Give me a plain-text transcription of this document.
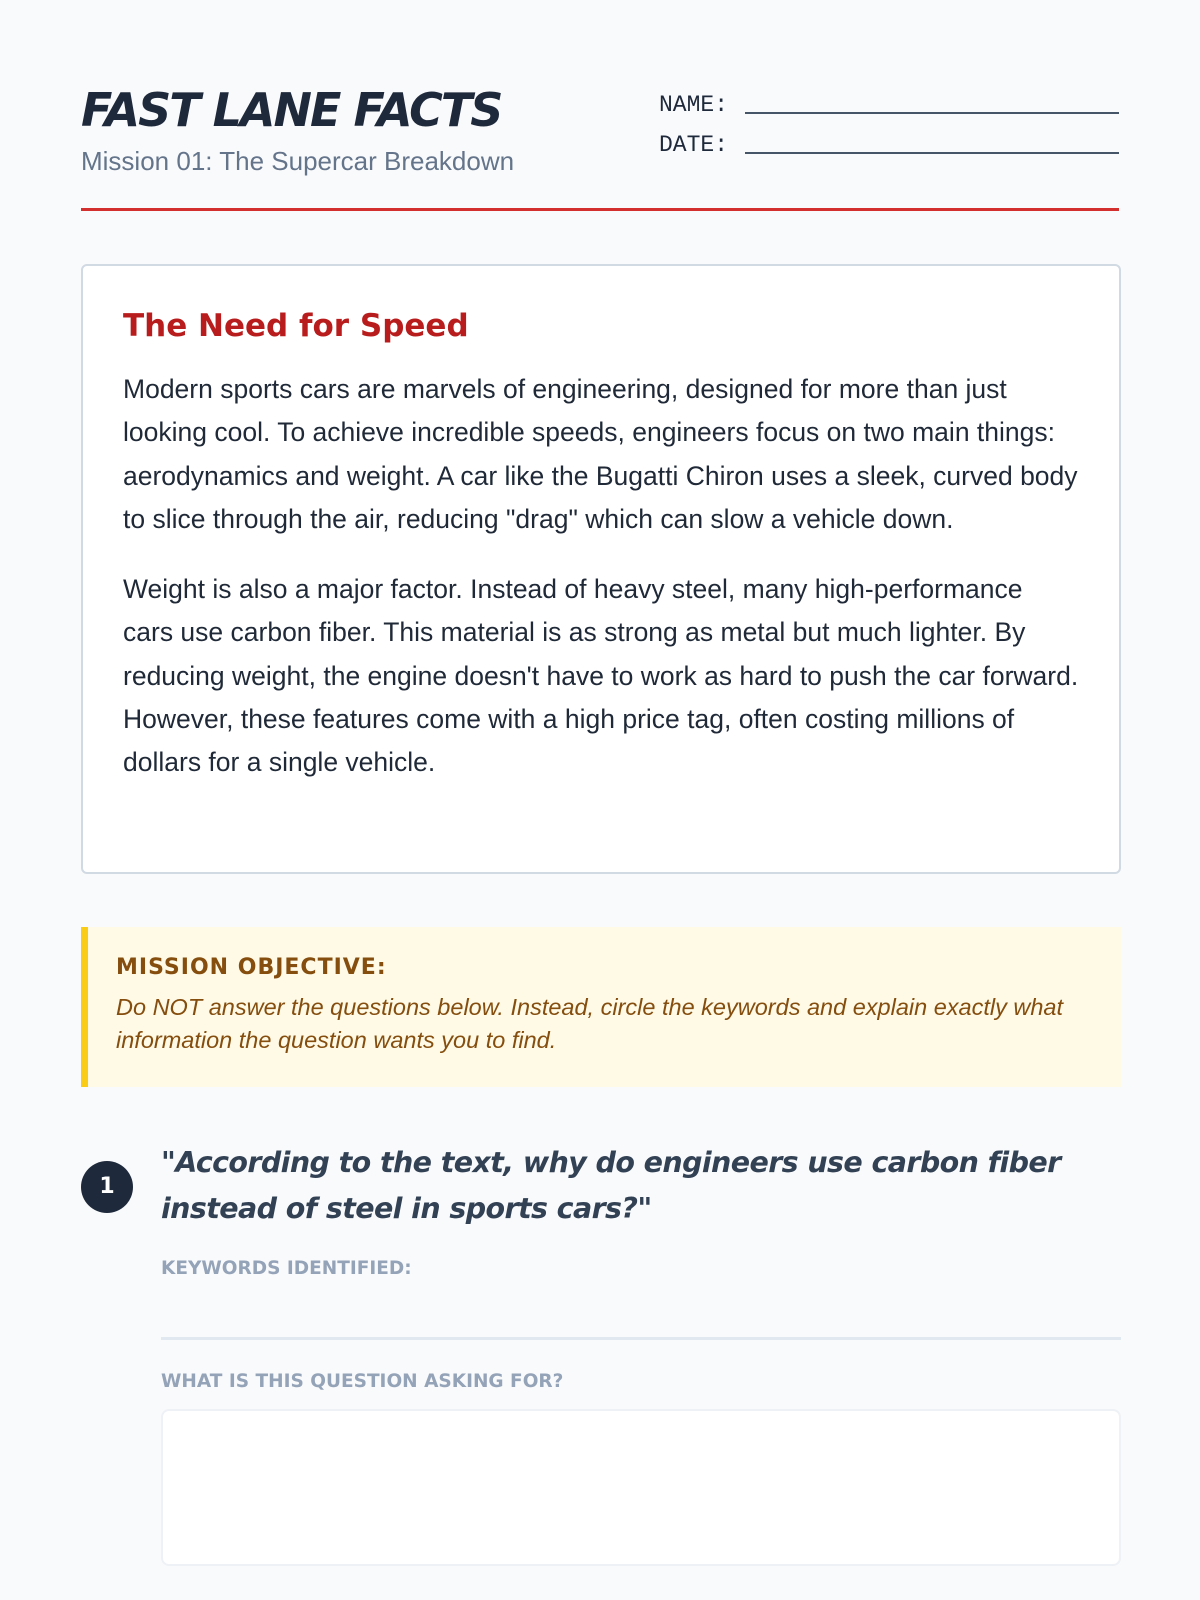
FAST LANE FACTS
Mission 01: The Supercar Breakdown
NAME:
DATE:
The Need for Speed

Modern sports cars are marvels of engineering, designed for more than just looking cool. To achieve incredible speeds, engineers focus on two main things: aerodynamics and weight. A car like the Bugatti Chiron uses a sleek, curved body to slice through the air, reducing "drag" which can slow a vehicle down.

Weight is also a major factor. Instead of heavy steel, many high-performance cars use carbon fiber. This material is as strong as metal but much lighter. By reducing weight, the engine doesn't have to work as hard to push the car forward. However, these features come with a high price tag, often costing millions of dollars for a single vehicle.

MISSION OBJECTIVE:
Do NOT answer the questions below. Instead, circle the keywords and explain exactly what information the question wants you to find.
1

"According to the text, why do engineers use carbon fiber instead of steel in sports cars?"

KEYWORDS IDENTIFIED:
WHAT IS THIS QUESTION ASKING FOR?
